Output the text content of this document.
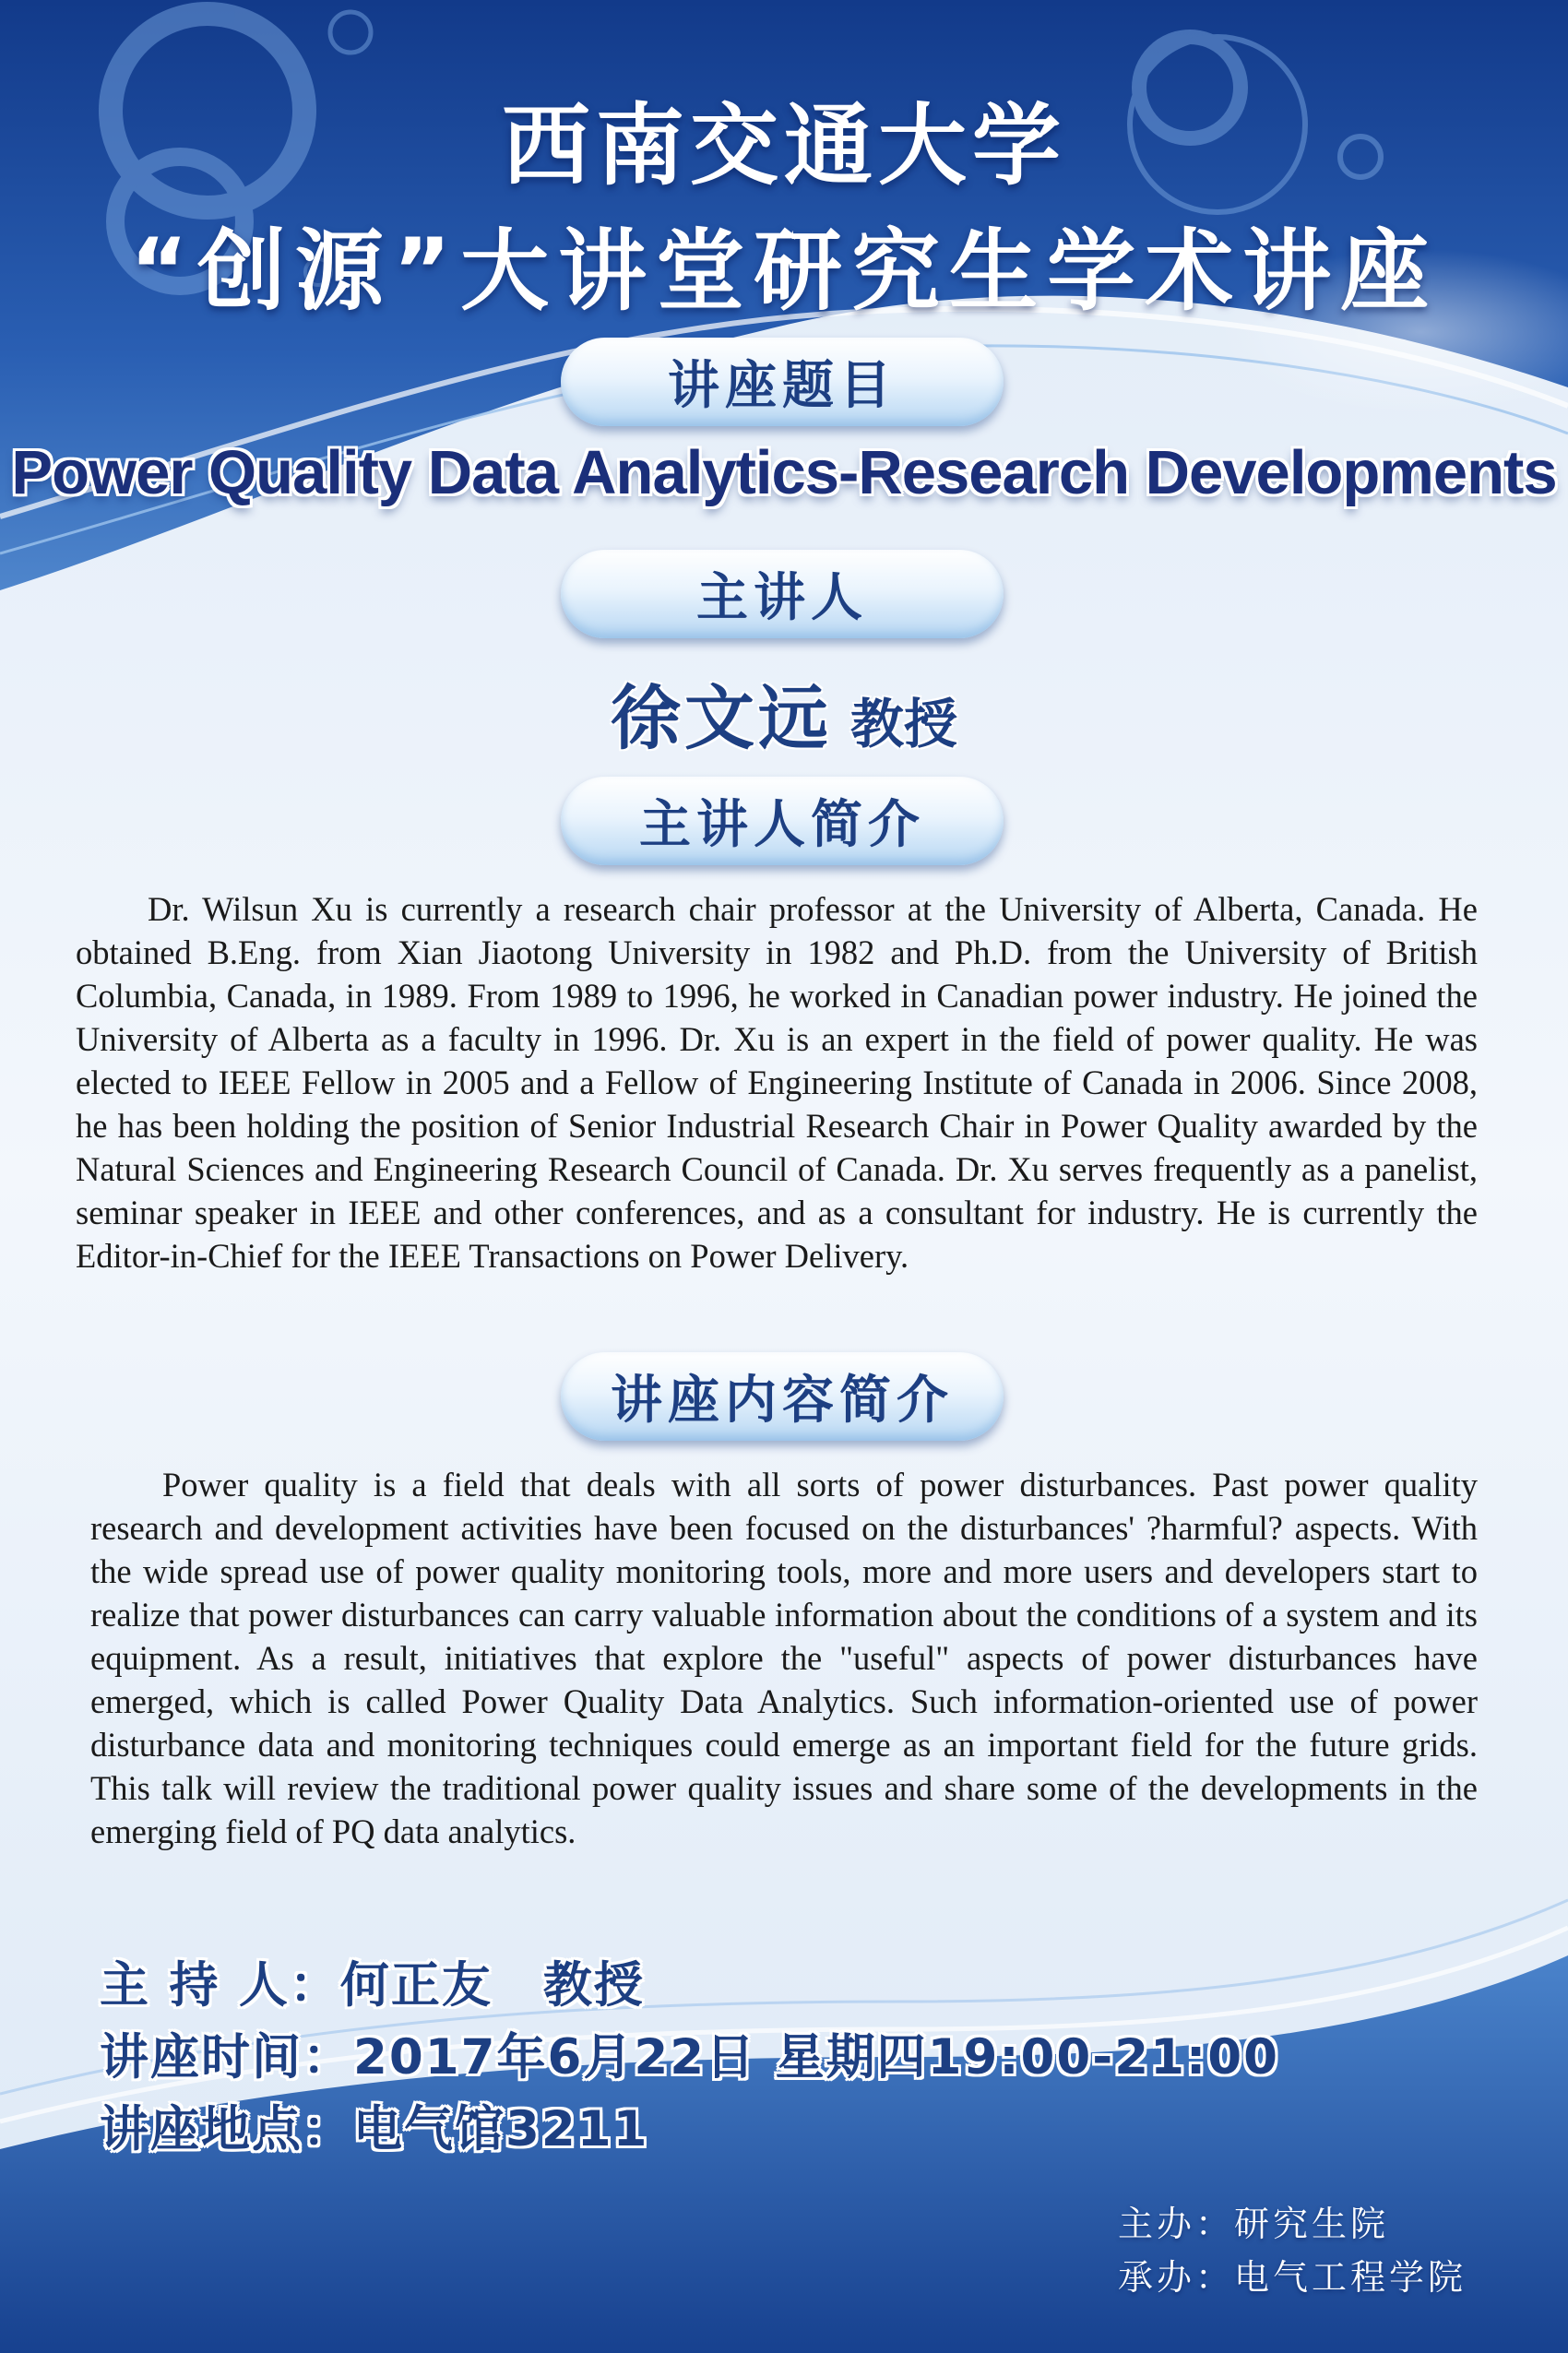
西南交通大学
“创源”大讲堂研究生学术讲座
讲座题目
Power Quality Data Analytics-Research Developments
主讲人
徐文远 教授
主讲人简介

Dr. Wilsun Xu is currently a research chair professor at the University of Alberta, Canada. He obtained B.Eng. from Xian Jiaotong University in 1982 and Ph.D. from the University of British Columbia, Canada, in 1989. From 1989 to 1996, he worked in Canadian power industry. He joined the University of Alberta as a faculty in 1996. Dr. Xu is an expert in the field of power quality. He was elected to IEEE Fellow in 2005 and a Fellow of Engineering Institute of Canada in 2006. Since 2008, he has been holding the position of Senior Industrial Research Chair in Power Quality awarded by the Natural Sciences and Engineering Research Council of Canada. Dr. Xu serves frequently as a panelist, seminar speaker in IEEE and other conferences, and as a consultant for industry. He is currently the Editor-in-Chief for the IEEE Transactions on Power Delivery.

讲座内容简介

Power quality is a field that deals with all sorts of power disturbances. Past power quality research and development activities have been focused on the disturbances' ?harmful? aspects. With the wide spread use of power quality monitoring tools, more and more users and developers start to realize that power disturbances can carry valuable information about the conditions of a system and its equipment. As a result, initiatives that explore the "useful" aspects of power disturbances have emerged, which is called Power Quality Data Analytics. Such information-oriented use of power disturbance data and monitoring techniques could emerge as an important field for the future grids. This talk will review the traditional power quality issues and share some of the developments in the emerging field of PQ data analytics.

主 持 人：何正友　教授
讲座时间：2017年6月22日 星期四19:00-21:00
讲座地点：电气馆3211
主办：研究生院
承办：电气工程学院
